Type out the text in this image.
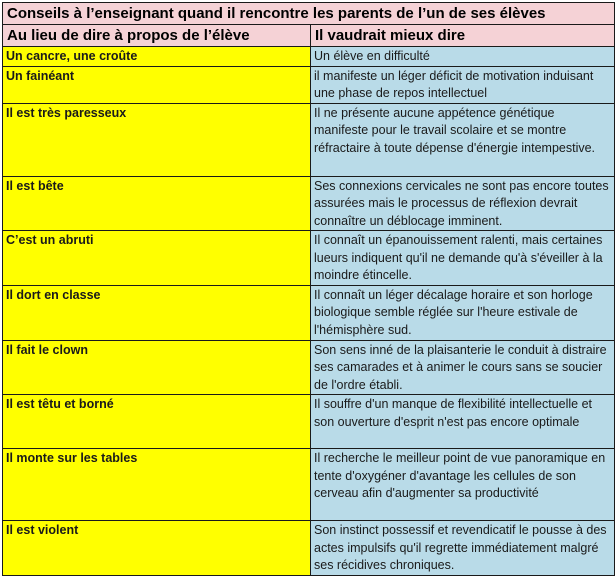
Conseils à l’enseignant quand il rencontre les parents de l’un de ses élèves	
Au lieu de dire à propos de l’élève	Il vaudrait mieux dire
Un cancre, une croûte	Un élève en difficulté
Un fainéant	il manifeste un léger déficit de motivation induisant une phase de repos intellectuel
Il est très paresseux	Il ne présente aucune appétence génétique manifeste pour le travail scolaire et se montre réfractaire à toute dépense d'énergie intempestive.
Il est bête	Ses connexions cervicales ne sont pas encore toutes assurées mais le processus de réflexion devrait connaître un déblocage imminent.
C’est un abruti	Il connaît un épanouissement ralenti, mais certaines lueurs indiquent qu'il ne demande qu'à s'éveiller à la moindre étincelle.
Il dort en classe	Il connaît un léger décalage horaire et son horloge biologique semble réglée sur l'heure estivale de l'hémisphère sud.
Il fait le clown	Son sens inné de la plaisanterie le conduit à distraire ses camarades et à animer le cours sans se soucier de l'ordre établi.
Il est têtu et borné	Il souffre d'un manque de flexibilité intellectuelle et son ouverture d'esprit n'est pas encore optimale
Il monte sur les tables	Il recherche le meilleur point de vue panoramique en tente d'oxygéner d'avantage les cellules de son cerveau afin d'augmenter sa productivité
Il est violent	Son instinct possessif et revendicatif le pousse à des actes impulsifs qu'il regrette immédiatement malgré ses récidives chroniques.
